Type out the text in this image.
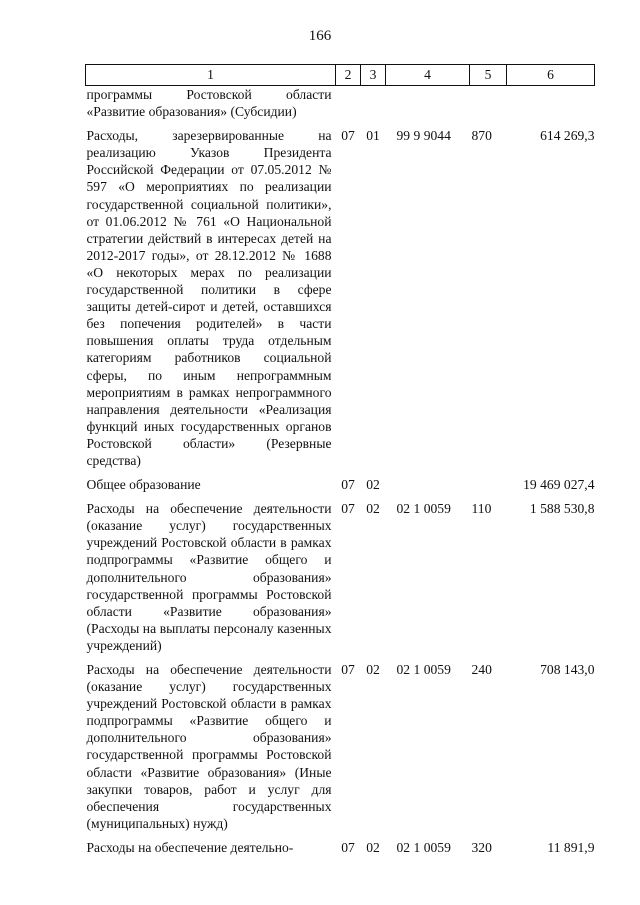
166
1	2	3	4	5	6
программы Ростовской области «Развитие образования» (Субсидии)					
Расходы, зарезервированные на реализацию Указов Президента Российской Федерации от 07.05.2012 № 597 «О мероприятиях по реализации государственной социальной политики», от 01.06.2012 № 761 «О Национальной стратегии действий в интересах детей на 2012-2017 годы», от 28.12.2012 № 1688 «О некоторых мерах по реализации государственной политики в сфере защиты детей-сирот и детей, оставшихся без попечения родителей» в части повышения оплаты труда отдельным категориям работников социальной сферы, по иным непрограммным мероприятиям в рамках непрограммного направления деятельности «Реализация функций иных государственных органов Ростовской области» (Резервные средства)	07	01	99 9 9044	870	614 269,3
Общее образование	07	02			19 469 027,4
Расходы на обеспечение деятельности (оказание услуг) государственных учреждений Ростовской области в рамках подпрограммы «Развитие общего и дополнительного образования» государственной программы Ростовской области «Развитие образования» (Расходы на выплаты персоналу казенных учреждений)	07	02	02 1 0059	110	1 588 530,8
Расходы на обеспечение деятельности (оказание услуг) государственных учреждений Ростовской области в рамках подпрограммы «Развитие общего и дополнительного образования» государственной программы Ростовской области «Развитие образования» (Иные закупки товаров, работ и услуг для обеспечения государственных (муниципальных) нужд)	07	02	02 1 0059	240	708 143,0
Расходы на обеспечение деятельно-	07	02	02 1 0059	320	11 891,9
